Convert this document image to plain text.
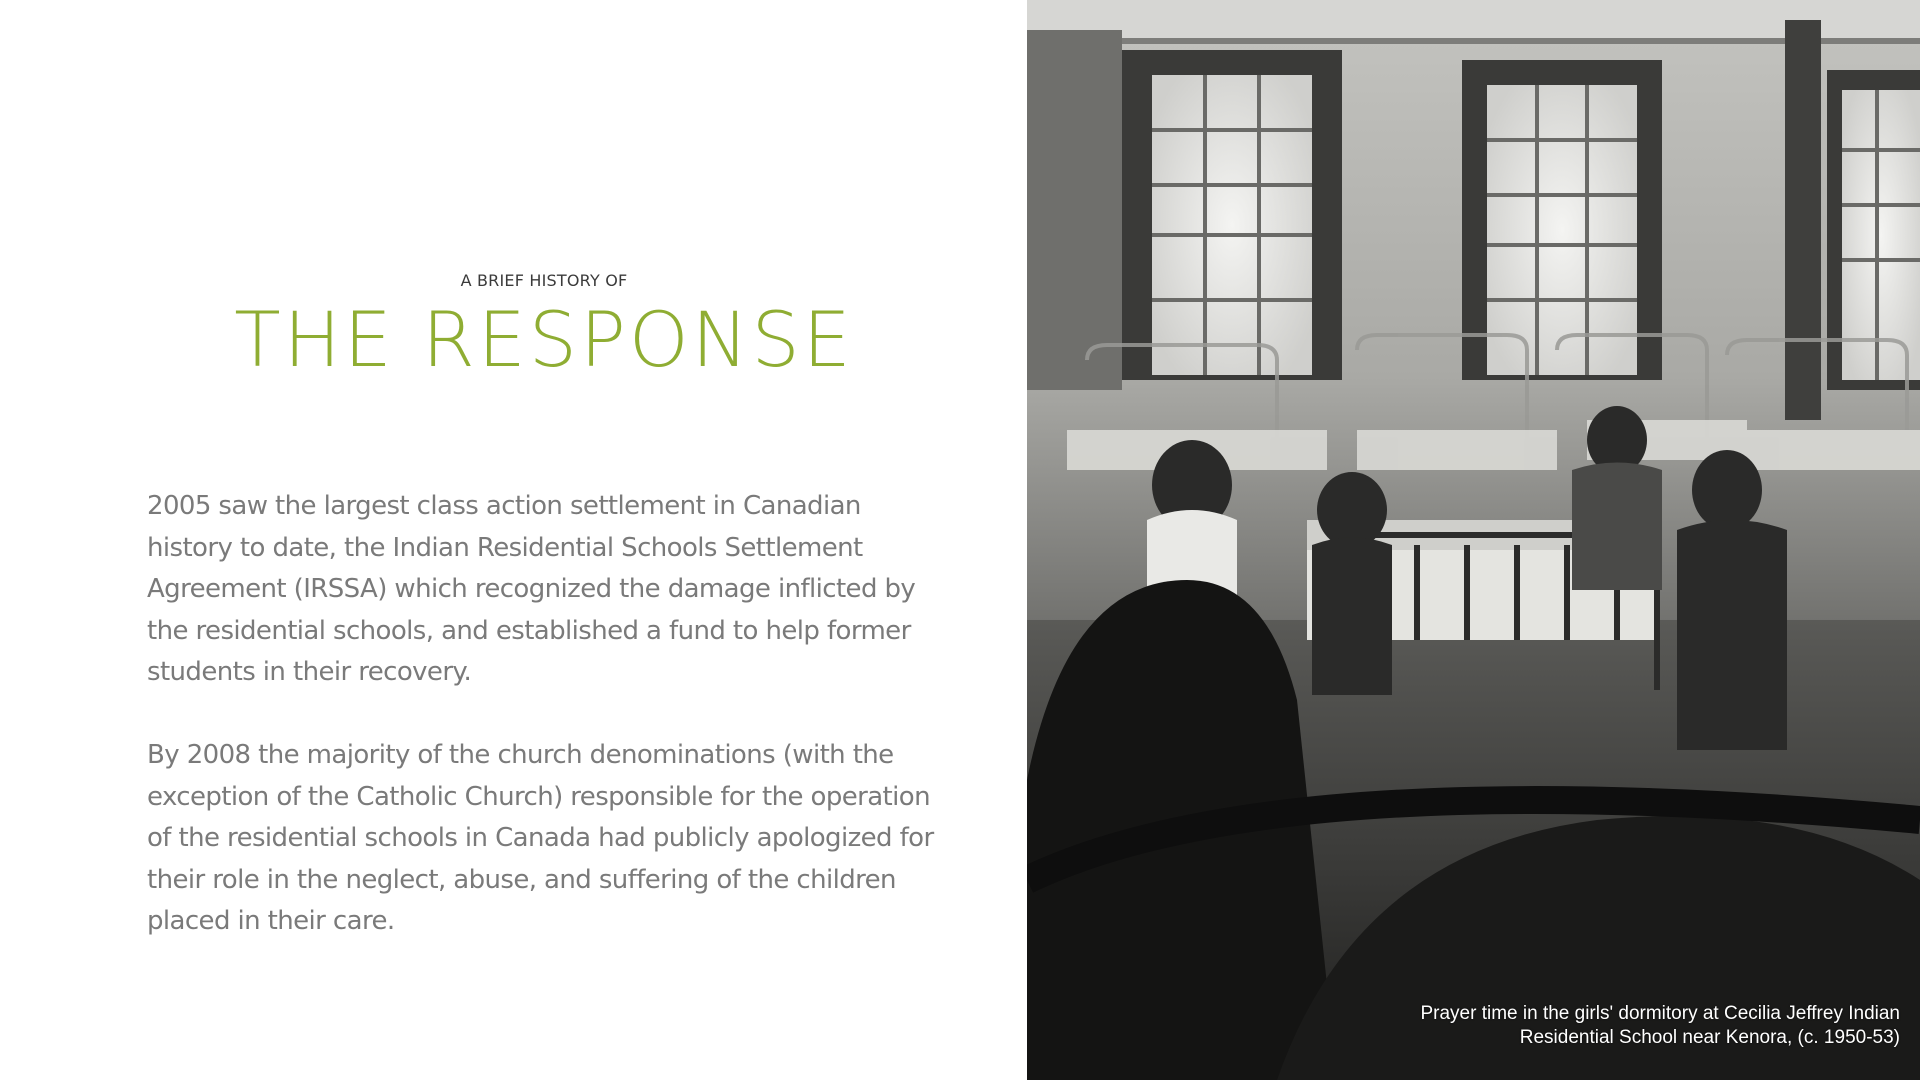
A BRIEF HISTORY OF

THE RESPONSE

2005 saw the largest class action settlement in Canadian history to date, the Indian Residential Schools Settlement Agreement (IRSSA) which recognized the damage inflicted by the residential schools, and established a fund to help former students in their recovery.

By 2008 the majority of the church denominations (with the exception of the Catholic Church) responsible for the operation of the residential schools in Canada had publicly apologized for their role in the neglect, abuse, and suffering of the children placed in their care.

Prayer time in the girls' dormitory at Cecilia Jeffrey Indian
Residential School near Kenora, (c. 1950-53)
